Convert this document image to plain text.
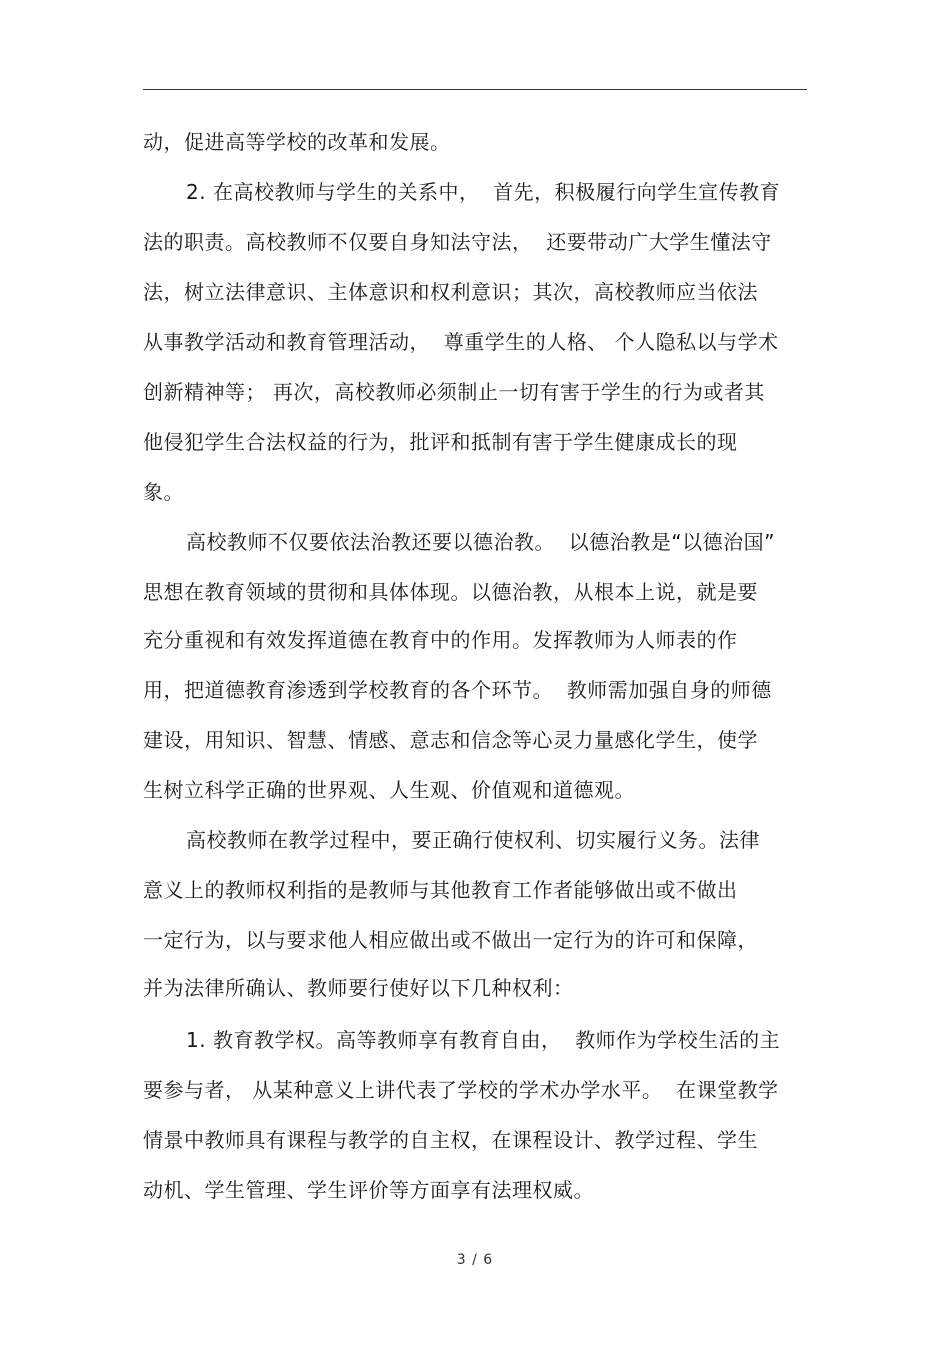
动，促进高等学校的改革和发展。
2. 在高校教师与学生的关系中，  首先，积极履行向学生宣传教育
法的职责。高校教师不仅要自身知法守法，  还要带动广大学生懂法守
法，树立法律意识、主体意识和权利意识；其次，高校教师应当依法
从事教学活动和教育管理活动，  尊重学生的人格、 个人隐私以与学术
创新精神等； 再次，高校教师必须制止一切有害于学生的行为或者其
他侵犯学生合法权益的行为，批评和抵制有害于学生健康成长的现
象。
高校教师不仅要依法治教还要以德治教。  以德治教是“以德治国”
思想在教育领域的贯彻和具体体现。以德治教，从根本上说，就是要
充分重视和有效发挥道德在教育中的作用。发挥教师为人师表的作
用，把道德教育渗透到学校教育的各个环节。  教师需加强自身的师德
建设，用知识、智慧、情感、意志和信念等心灵力量感化学生，使学
生树立科学正确的世界观、人生观、价值观和道德观。
高校教师在教学过程中，要正确行使权利、切实履行义务。法律
意义上的教师权利指的是教师与其他教育工作者能够做出或不做出
一定行为，以与要求他人相应做出或不做出一定行为的许可和保障，
并为法律所确认、教师要行使好以下几种权利：
1. 教育教学权。高等教师享有教育自由，  教师作为学校生活的主
要参与者， 从某种意义上讲代表了学校的学术办学水平。  在课堂教学
情景中教师具有课程与教学的自主权，在课程设计、教学过程、学生
动机、学生管理、学生评价等方面享有法理权威。
3 / 6
